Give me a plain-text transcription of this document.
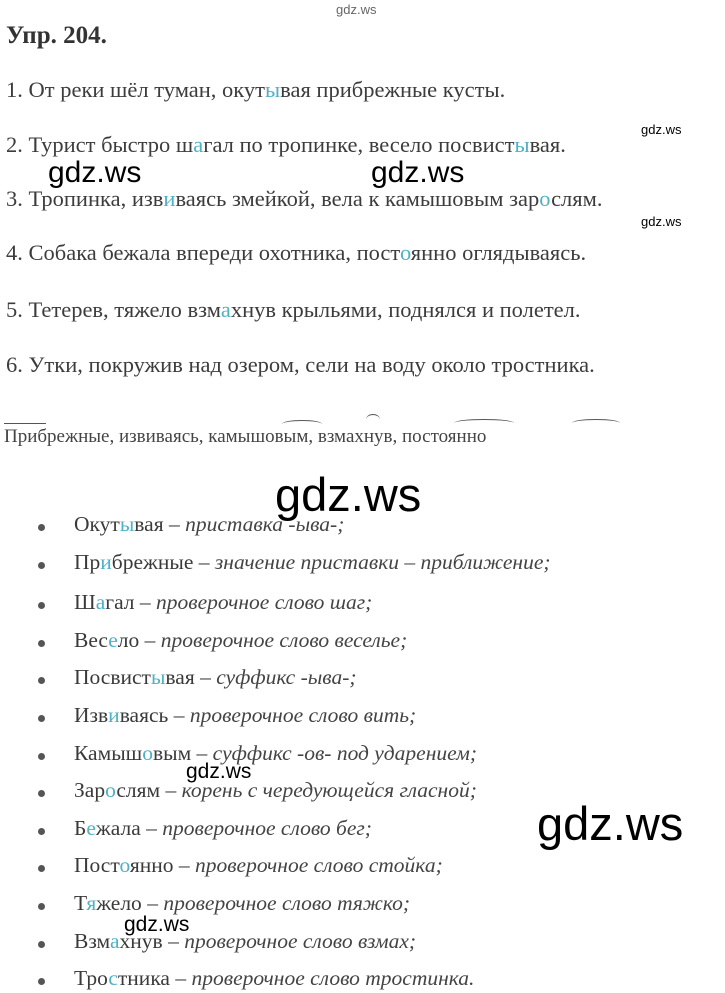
gdz.ws
gdz.ws
gdz.ws	gdz.ws
gdz.ws
gdz.ws
gdz.ws
gdz.ws
gdz.ws
Упр. 204.
1. От реки шёл туман, окутывая прибрежные кусты.
2. Турист быстро шагал по тропинке, весело посвистывая.
3. Тропинка, извиваясь змейкой, вела к камышовым зарослям.
4. Собака бежала впереди охотника, постоянно оглядываясь.
5. Тетерев, тяжело взмахнув крыльями, поднялся и полетел.
6. Утки, покружив над озером, сели на воду около тростника.
Прибрежные, извиваясь, камышовым, взмахнув, постоянно
Окутывая – приставка -ыва-;
Прибрежные – значение приставки – приближение;
Шагал – проверочное слово шаг;
Весело – проверочное слово веселье;
Посвистывая – суффикс -ыва-;
Извиваясь – проверочное слово вить;
Камышовым – суффикс -ов- под ударением;
Зарослям – корень с чередующейся гласной;
Бежала – проверочное слово бег;
Постоянно – проверочное слово стойка;
Тяжело – проверочное слово тяжко;
Взмахнув – проверочное слово взмах;
Тростника – проверочное слово тростинка.
